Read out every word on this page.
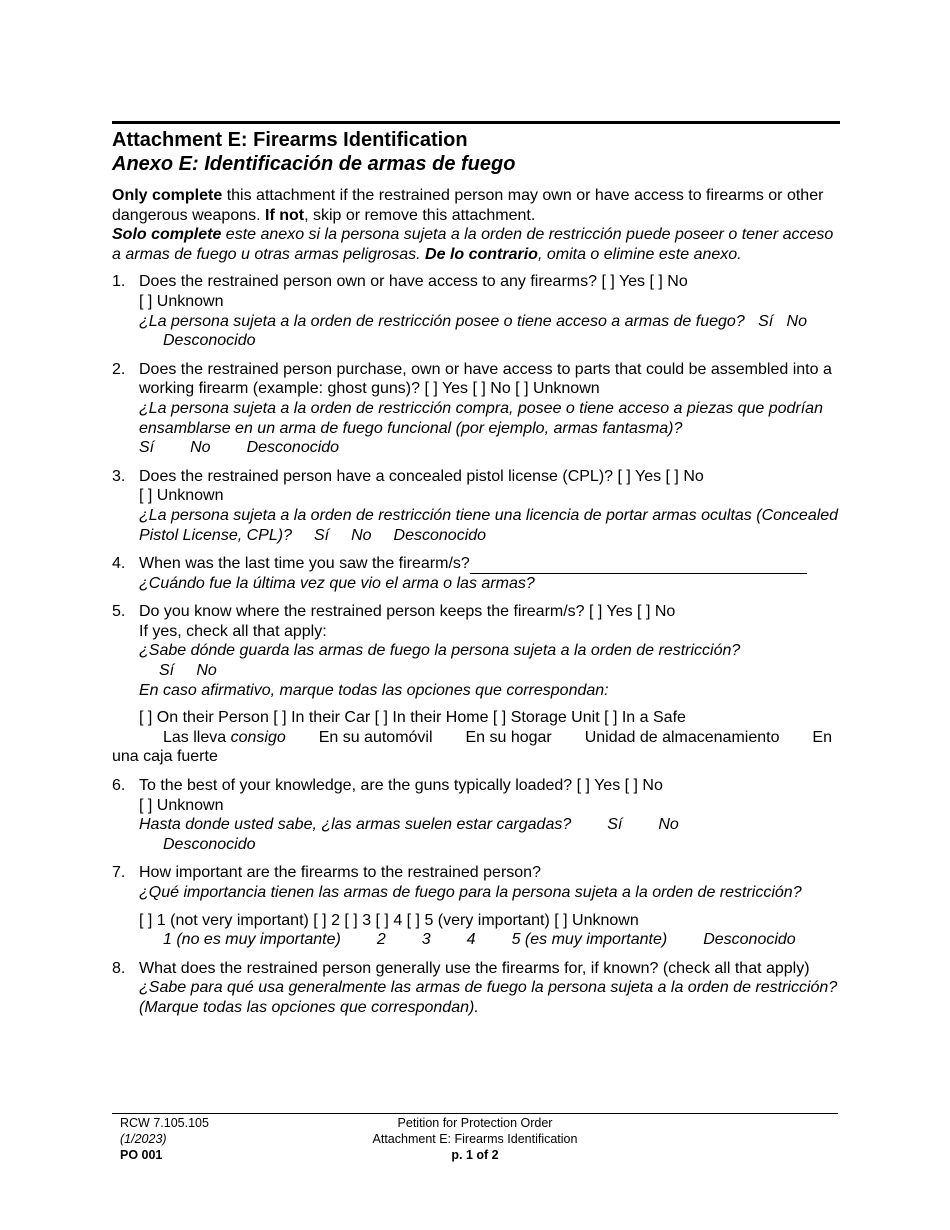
Attachment E: Firearms Identification
Anexo E: Identificación de armas de fuego
Only complete this attachment if the restrained person may own or have access to firearms or other dangerous weapons. If not, skip or remove this attachment.
Solo complete este anexo si la persona sujeta a la orden de restricción puede poseer o tener acceso a armas de fuego u otras armas peligrosas. De lo contrario, omita o elimine este anexo.
1. Does the restrained person own or have access to any firearms? [ ] Yes [ ] No
[ ] Unknown
¿La persona sujeta a la orden de restricción posee o tiene acceso a armas de fuego? Sí No
Desconocido
2. Does the restrained person purchase, own or have access to parts that could be assembled into a working firearm (example: ghost guns)? [ ] Yes [ ] No [ ] Unknown
¿La persona sujeta a la orden de restricción compra, posee o tiene acceso a piezas que podrían ensamblarse en un arma de fuego funcional (por ejemplo, armas fantasma)?
Sí No Desconocido
3. Does the restrained person have a concealed pistol license (CPL)? [ ] Yes [ ] No
[ ] Unknown
¿La persona sujeta a la orden de restricción tiene una licencia de portar armas ocultas (Concealed Pistol License, CPL)? Sí No Desconocido
4. When was the last time you saw the firearm/s?
¿Cuándo fue la última vez que vio el arma o las armas?
5. Do you know where the restrained person keeps the firearm/s? [ ] Yes [ ] No
If yes, check all that apply:
¿Sabe dónde guarda las armas de fuego la persona sujeta a la orden de restricción?
Sí No
En caso afirmativo, marque todas las opciones que correspondan:
[ ] On their Person [ ] In their Car [ ] In their Home [ ] Storage Unit [ ] In a Safe
Las lleva consigo En su automóvil En su hogar Unidad de almacenamiento En
una caja fuerte
6. To the best of your knowledge, are the guns typically loaded? [ ] Yes [ ] No
[ ] Unknown
Hasta donde usted sabe, ¿las armas suelen estar cargadas? Sí No
Desconocido
7. How important are the firearms to the restrained person?
¿Qué importancia tienen las armas de fuego para la persona sujeta a la orden de restricción?
[ ] 1 (not very important) [ ] 2 [ ] 3 [ ] 4 [ ] 5 (very important) [ ] Unknown
1 (no es muy importante) 2 3 4 5 (es muy importante) Desconocido
8. What does the restrained person generally use the firearms for, if known? (check all that apply)
¿Sabe para qué usa generalmente las armas de fuego la persona sujeta a la orden de restricción? (Marque todas las opciones que correspondan).
Petition for Protection Order
Attachment E: Firearms Identification
p. 1 of 2
RCW 7.105.105
(1/2023)
PO 001
